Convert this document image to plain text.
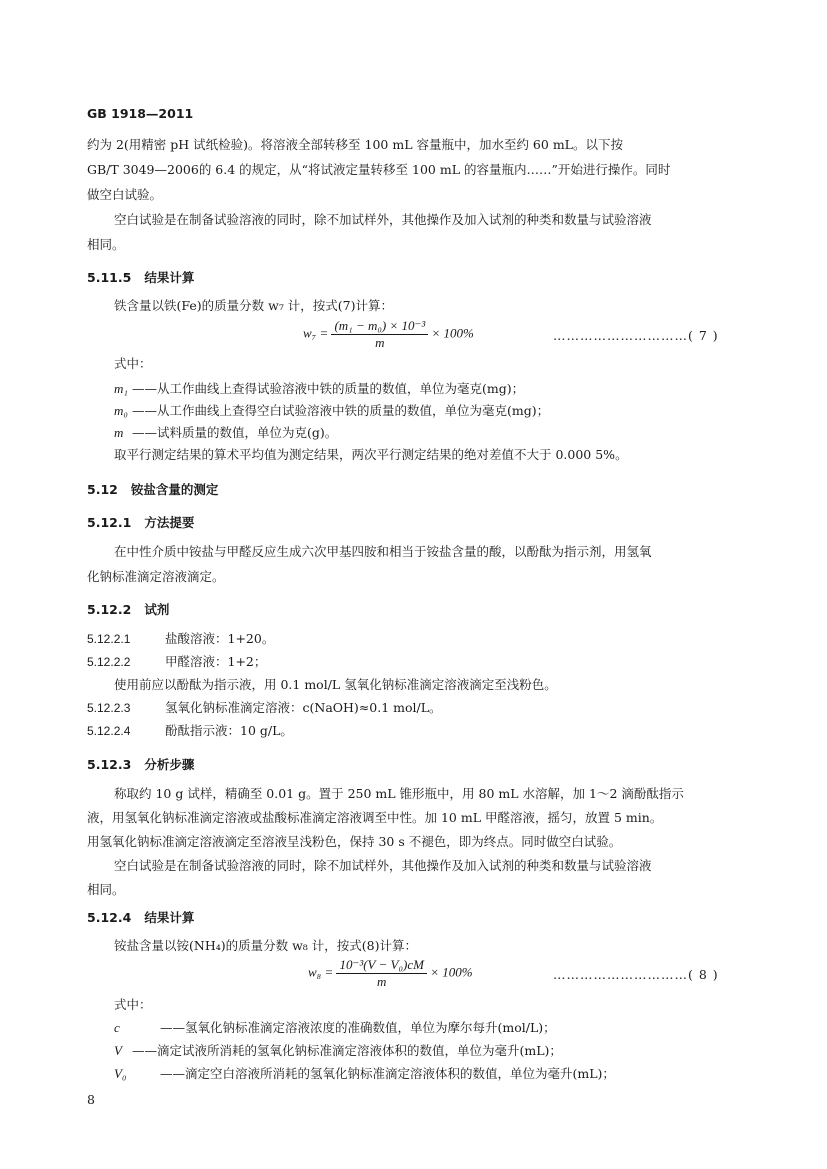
GB 1918—2011
约为 2(用精密 pH 试纸检验)。将溶液全部转移至 100 mL 容量瓶中，加水至约 60 mL。以下按
GB/T 3049—2006的 6.4 的规定，从“将试液定量转移至 100 mL 的容量瓶内……”开始进行操作。同时
做空白试验。
空白试验是在制备试验溶液的同时，除不加试样外，其他操作及加入试剂的种类和数量与试验溶液
相同。
5.11.5 结果计算
铁含量以铁(Fe)的质量分数 w₇ 计，按式(7)计算：
$w_7 = \frac{\text{(m₁ − m₀) × 10⁻³}}{m} \times 100\%$	…………………………( 7 )
式中：
m₁ ——从工作曲线上查得试验溶液中铁的质量的数值，单位为毫克(mg)；
m₀ ——从工作曲线上查得空白试验溶液中铁的质量的数值，单位为毫克(mg)；
m ——试料质量的数值，单位为克(g)。
取平行测定结果的算术平均值为测定结果，两次平行测定结果的绝对差值不大于 0.000 5%。
5.12 铵盐含量的测定
5.12.1 方法提要
在中性介质中铵盐与甲醛反应生成六次甲基四胺和相当于铵盐含量的酸，以酚酞为指示剂，用氢氧
化钠标准滴定溶液滴定。
5.12.2 试剂
5.12.2.1	盐酸溶液：1+20。
5.12.2.2	甲醛溶液：1+2；
使用前应以酚酞为指示液，用 0.1 mol/L 氢氧化钠标准滴定溶液滴定至浅粉色。
5.12.2.3	氢氧化钠标准滴定溶液：c(NaOH)≈0.1 mol/L。
5.12.2.4	酚酞指示液：10 g/L。
5.12.3 分析步骤
称取约 10 g 试样，精确至 0.01 g。置于 250 mL 锥形瓶中，用 80 mL 水溶解，加 1～2 滴酚酞指示
液，用氢氧化钠标准滴定溶液或盐酸标准滴定溶液调至中性。加 10 mL 甲醛溶液，摇匀，放置 5 min。
用氢氧化钠标准滴定溶液滴定至溶液呈浅粉色，保持 30 s 不褪色，即为终点。同时做空白试验。
空白试验是在制备试验溶液的同时，除不加试样外，其他操作及加入试剂的种类和数量与试验溶液
相同。
5.12.4 结果计算
铵盐含量以铵(NH₄)的质量分数 w₈ 计，按式(8)计算：
$w_8 = \frac{\text{10⁻³(V − V₀)cM}}{m} \times 100\%$	…………………………( 8 )
式中：
c	——氢氧化钠标准滴定溶液浓度的准确数值，单位为摩尔每升(mol/L)；
V ——滴定试液所消耗的氢氧化钠标准滴定溶液体积的数值，单位为毫升(mL)；
V₀	——滴定空白溶液所消耗的氢氧化钠标准滴定溶液体积的数值，单位为毫升(mL)；
8
